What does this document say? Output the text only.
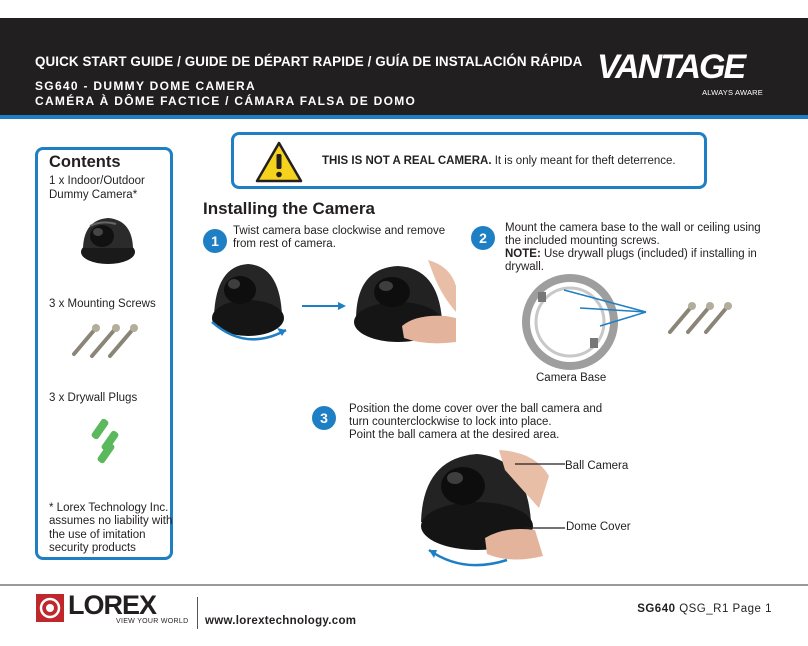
QUICK START GUIDE / GUIDE DE DÉPART RAPIDE / GUÍA DE INSTALACIÓN RÁPIDA
SG640 - DUMMY DOME CAMERA
CAMÉRA À DÔME FACTICE / CÁMARA FALSA DE DOMO
VANTAGE
ALWAYS AWARE
Contents
1 x Indoor/Outdoor Dummy Camera*
3 x Mounting Screws
3 x Drywall Plugs
* Lorex Technology Inc. assumes no liability with the use of imitation security products
THIS IS NOT A REAL CAMERA. It is only meant for theft deterrence.
Installing the Camera
1
Twist camera base clockwise and remove from rest of camera.	2
Mount the camera base to the wall or ceiling using the included mounting screws.
NOTE: Use drywall plugs (included) if installing in drywall.
Camera Base
3
Position the dome cover over the ball camera and
turn counterclockwise to lock into place.
Point the ball camera at the desired area.
Ball Camera
Dome Cover
LOREX
VIEW YOUR WORLD www.lorextechnology.com
SG640 QSG_R1 Page 1
